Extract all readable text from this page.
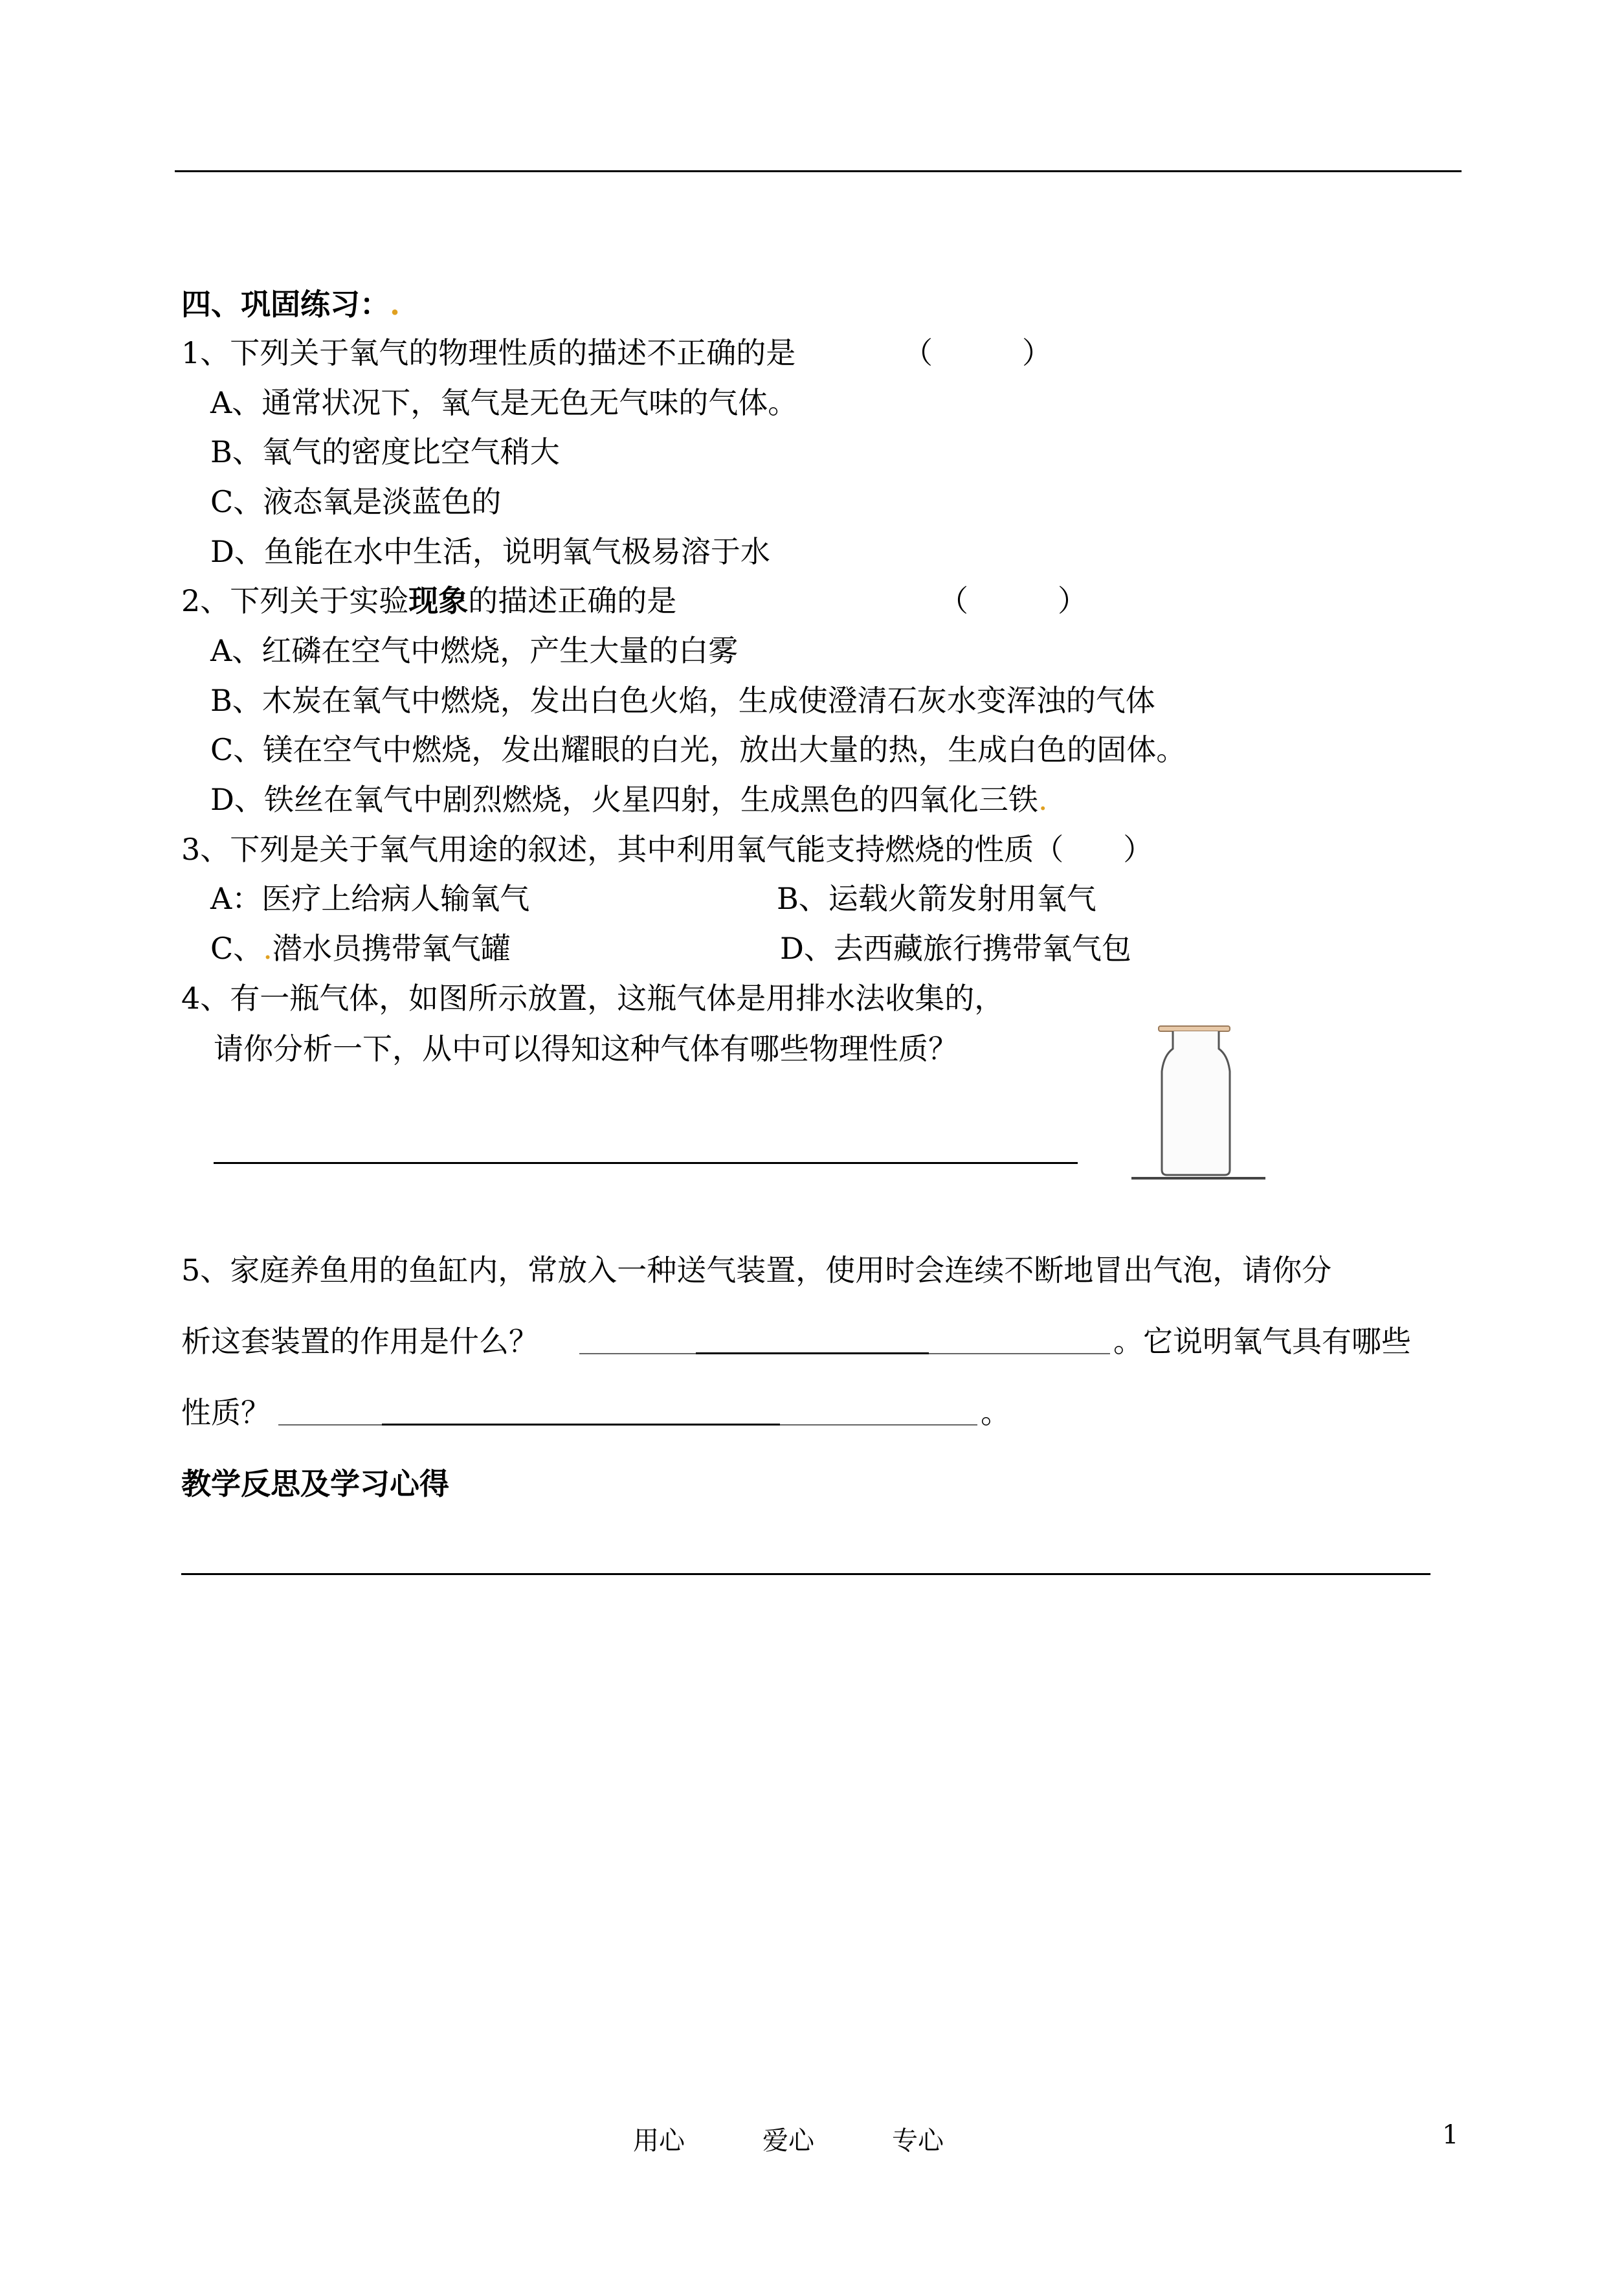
四、巩固练习：.
1、下列关于氧气的物理性质的描述不正确的是	（　　　）
A、通常状况下，氧气是无色无气味的气体。
B、氧气的密度比空气稍大
C、液态氧是淡蓝色的
D、鱼能在水中生活，说明氧气极易溶于水
2、下列关于实验现象的描述正确的是	（　　　）
A、红磷在空气中燃烧，产生大量的白雾
B、木炭在氧气中燃烧，发出白色火焰，生成使澄清石灰水变浑浊的气体
C、镁在空气中燃烧，发出耀眼的白光，放出大量的热，生成白色的固体。
D、铁丝在氧气中剧烈燃烧，火星四射，生成黑色的四氧化三铁.
3、下列是关于氧气用途的叙述，其中利用氧气能支持燃烧的性质（　　）
A：医疗上给病人输氧气	B、运载火箭发射用氧气
C、.潜水员携带氧气罐	D、去西藏旅行携带氧气包
4、有一瓶气体，如图所示放置，这瓶气体是用排水法收集的，
请你分析一下，从中可以得知这种气体有哪些物理性质？
5、家庭养鱼用的鱼缸内，常放入一种送气装置，使用时会连续不断地冒出气泡，请你分
析这套装置的作用是什么？	。它说明氧气具有哪些
性质？	。
教学反思及学习心得
用心	爱心	专心	1
